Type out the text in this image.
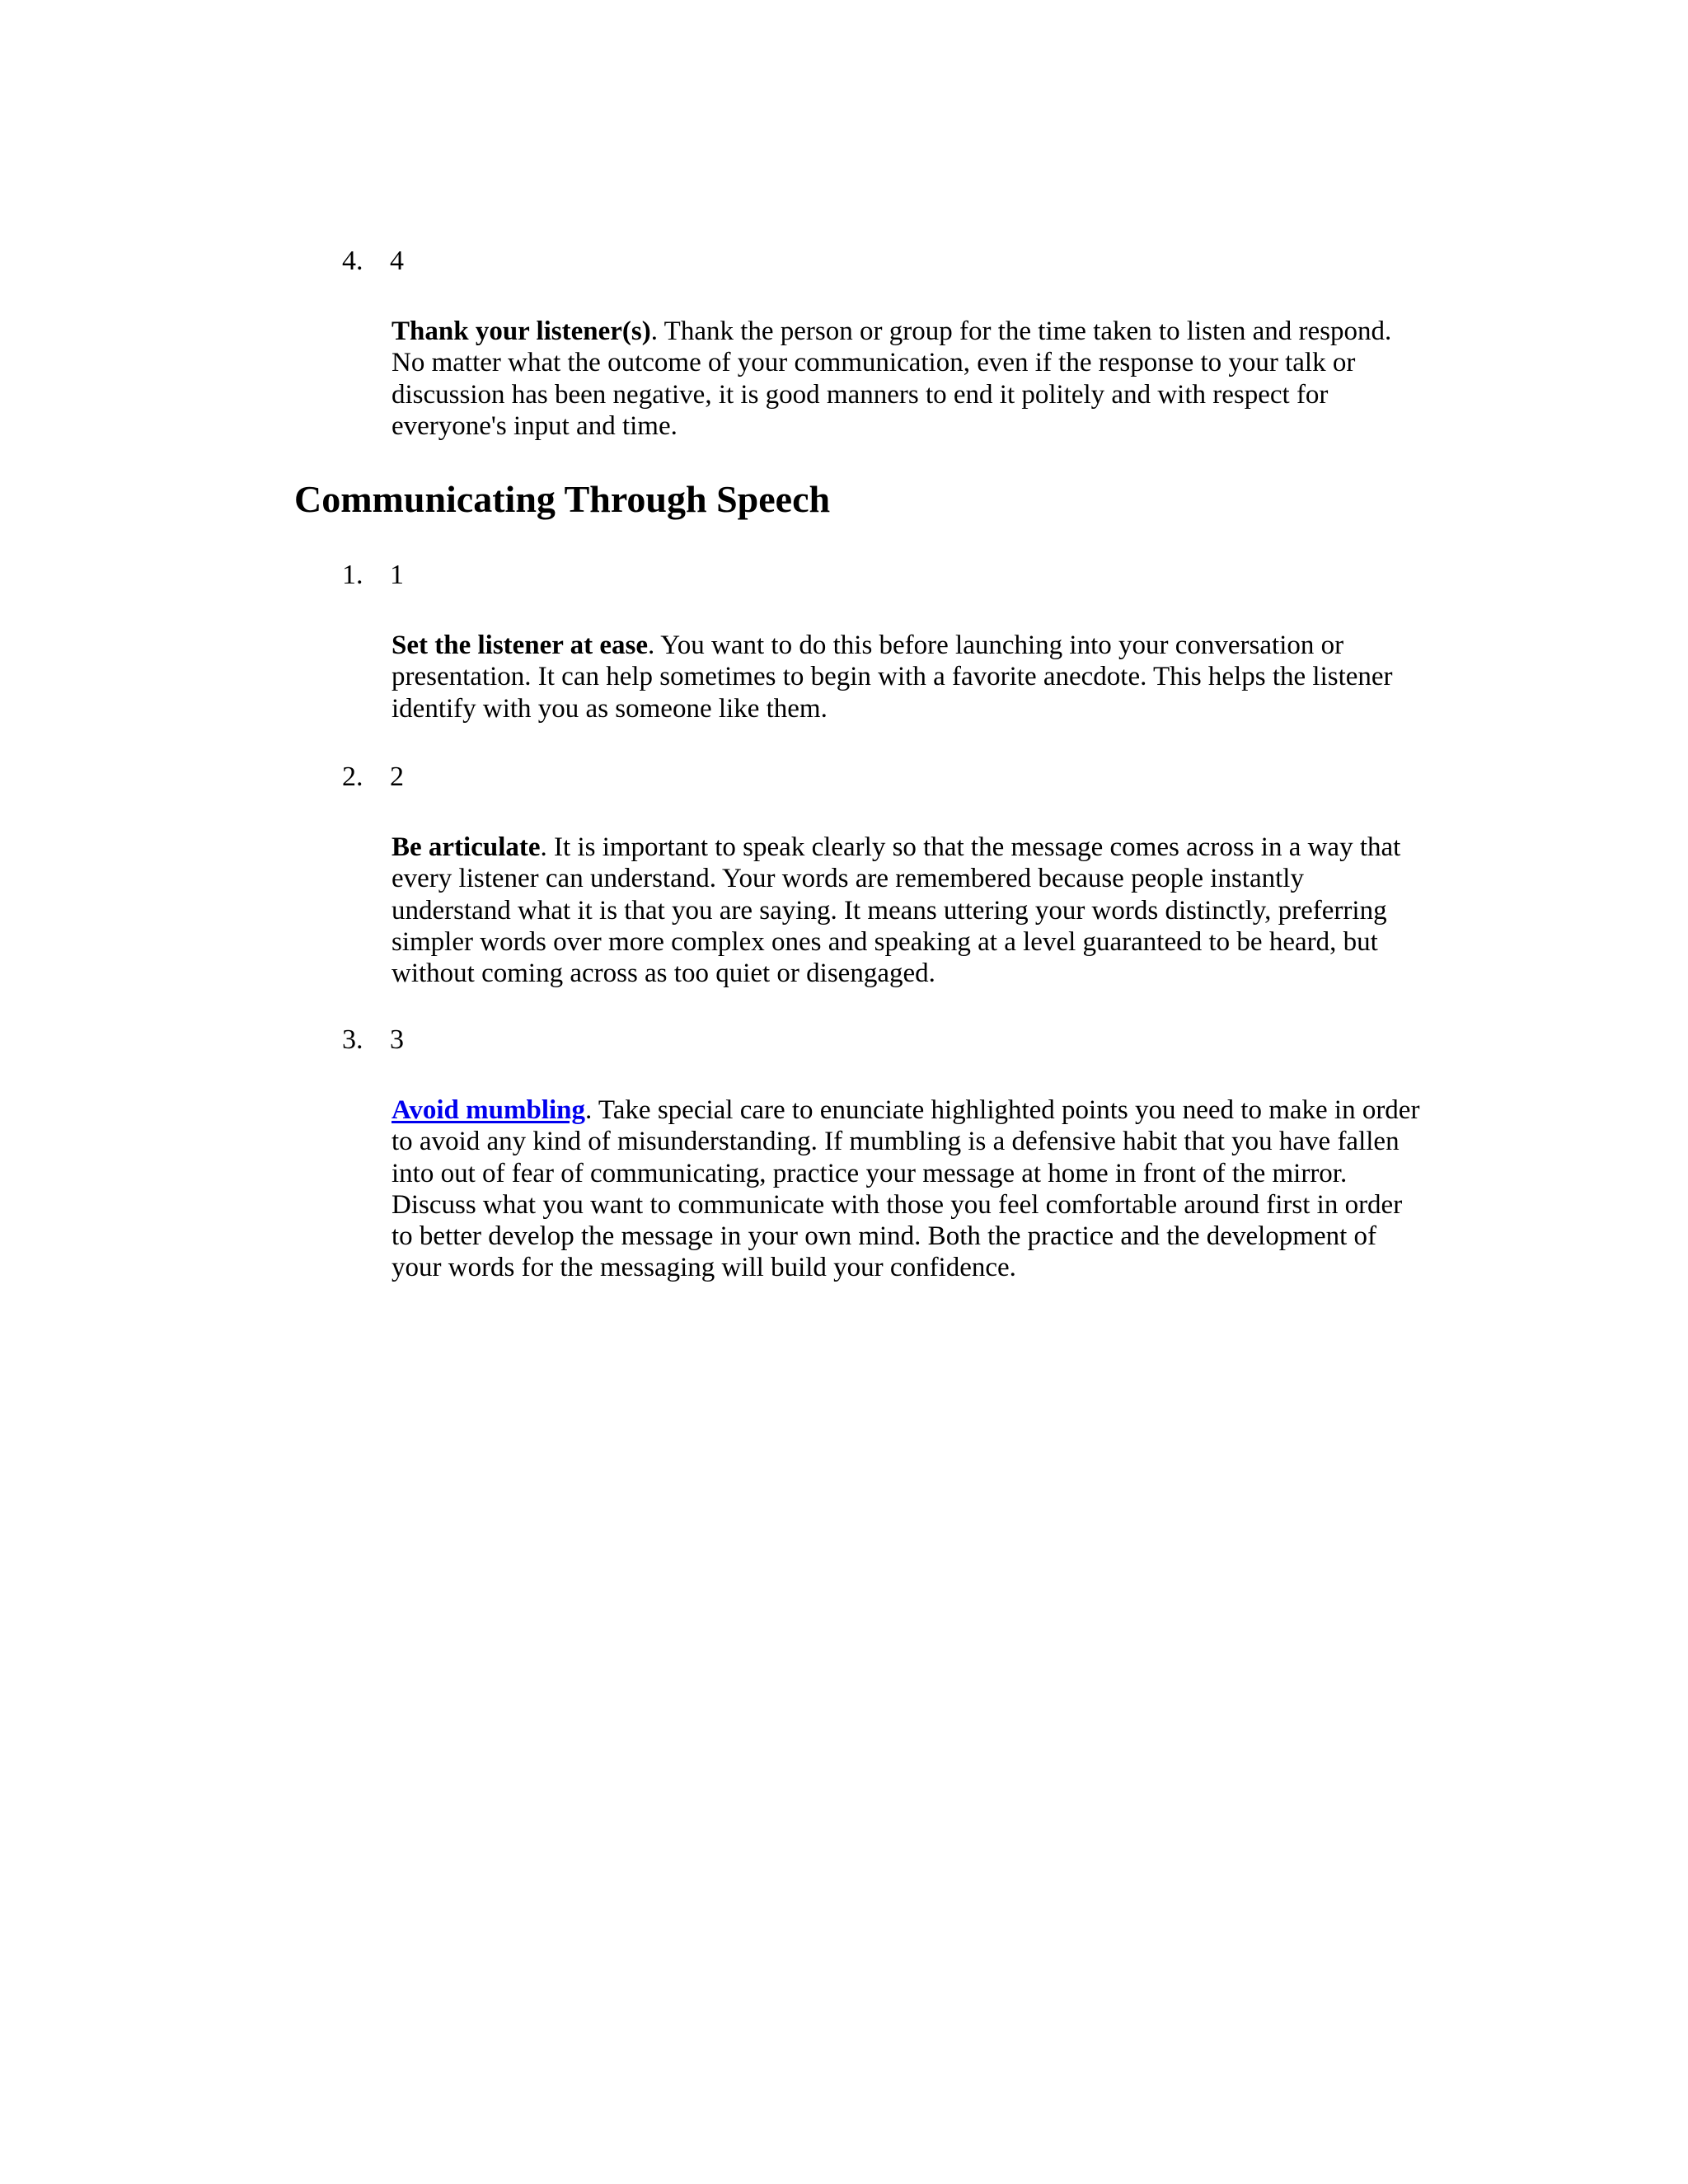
4. 4

Thank your listener(s). Thank the person or group for the time taken to listen and respond. No matter what the outcome of your communication, even if the response to your talk or discussion has been negative, it is good manners to end it politely and with respect for everyone's input and time.

Communicating Through Speech
1. 1

Set the listener at ease. You want to do this before launching into your conversation or presentation. It can help sometimes to begin with a favorite anecdote. This helps the listener identify with you as someone like them.

2. 2

Be articulate. It is important to speak clearly so that the message comes across in a way that every listener can understand. Your words are remembered because people instantly understand what it is that you are saying. It means uttering your words distinctly, preferring simpler words over more complex ones and speaking at a level guaranteed to be heard, but without coming across as too quiet or disengaged.

3. 3

Avoid mumbling. Take special care to enunciate highlighted points you need to make in order to avoid any kind of misunderstanding. If mumbling is a defensive habit that you have fallen into out of fear of communicating, practice your message at home in front of the mirror. Discuss what you want to communicate with those you feel comfortable around first in order to better develop the message in your own mind. Both the practice and the development of your words for the messaging will build your confidence.
